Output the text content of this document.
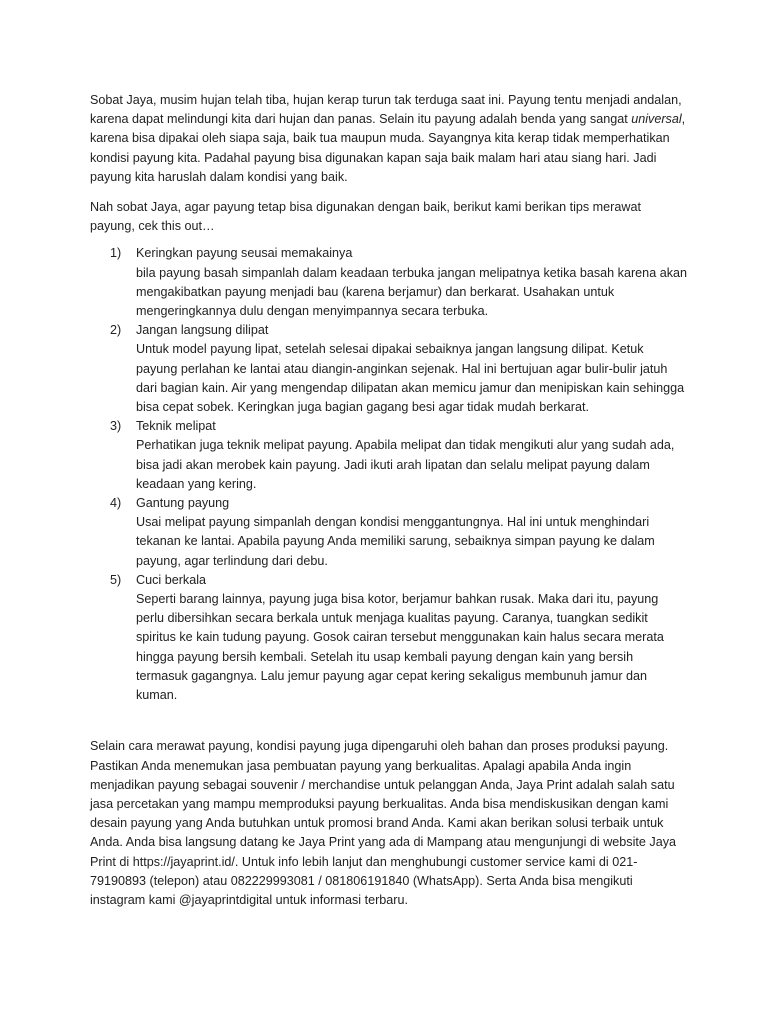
Sobat Jaya, musim hujan telah tiba, hujan kerap turun tak terduga saat ini. Payung tentu menjadi andalan, karena dapat melindungi kita dari hujan dan panas. Selain itu payung adalah benda yang sangat universal, karena bisa dipakai oleh siapa saja, baik tua maupun muda. Sayangnya kita kerap tidak memperhatikan kondisi payung kita. Padahal payung bisa digunakan kapan saja baik malam hari atau siang hari. Jadi payung kita haruslah dalam kondisi yang baik.

Nah sobat Jaya, agar payung tetap bisa digunakan dengan baik, berikut kami berikan tips merawat payung, cek this out…

1) Keringkan payung seusai memakainya
bila payung basah simpanlah dalam keadaan terbuka jangan melipatnya ketika basah karena akan mengakibatkan payung menjadi bau (karena berjamur) dan berkarat. Usahakan untuk mengeringkannya dulu dengan menyimpannya secara terbuka.
2) Jangan langsung dilipat
Untuk model payung lipat, setelah selesai dipakai sebaiknya jangan langsung dilipat. Ketuk payung perlahan ke lantai atau diangin-anginkan sejenak. Hal ini bertujuan agar bulir-bulir jatuh dari bagian kain. Air yang mengendap dilipatan akan memicu jamur dan menipiskan kain sehingga bisa cepat sobek. Keringkan juga bagian gagang besi agar tidak mudah berkarat.
3) Teknik melipat
Perhatikan juga teknik melipat payung. Apabila melipat dan tidak mengikuti alur yang sudah ada, bisa jadi akan merobek kain payung. Jadi ikuti arah lipatan dan selalu melipat payung dalam keadaan yang kering.
4) Gantung payung
Usai melipat payung simpanlah dengan kondisi menggantungnya. Hal ini untuk menghindari tekanan ke lantai. Apabila payung Anda memiliki sarung, sebaiknya simpan payung ke dalam payung, agar terlindung dari debu.
5) Cuci berkala
Seperti barang lainnya, payung juga bisa kotor, berjamur bahkan rusak. Maka dari itu, payung perlu dibersihkan secara berkala untuk menjaga kualitas payung. Caranya, tuangkan sedikit spiritus ke kain tudung payung. Gosok cairan tersebut menggunakan kain halus secara merata hingga payung bersih kembali. Setelah itu usap kembali payung dengan kain yang bersih termasuk gagangnya. Lalu jemur payung agar cepat kering sekaligus membunuh jamur dan kuman.

Selain cara merawat payung, kondisi payung juga dipengaruhi oleh bahan dan proses produksi payung. Pastikan Anda menemukan jasa pembuatan payung yang berkualitas. Apalagi apabila Anda ingin menjadikan payung sebagai souvenir / merchandise untuk pelanggan Anda, Jaya Print adalah salah satu jasa percetakan yang mampu memproduksi payung berkualitas. Anda bisa mendiskusikan dengan kami desain payung yang Anda butuhkan untuk promosi brand Anda. Kami akan berikan solusi terbaik untuk Anda. Anda bisa langsung datang ke Jaya Print yang ada di Mampang atau mengunjungi di website Jaya Print di https://jayaprint.id/. Untuk info lebih lanjut dan menghubungi customer service kami di 021-79190893 (telepon) atau 082229993081 / 081806191840 (WhatsApp). Serta Anda bisa mengikuti instagram kami @jayaprintdigital untuk informasi terbaru.
